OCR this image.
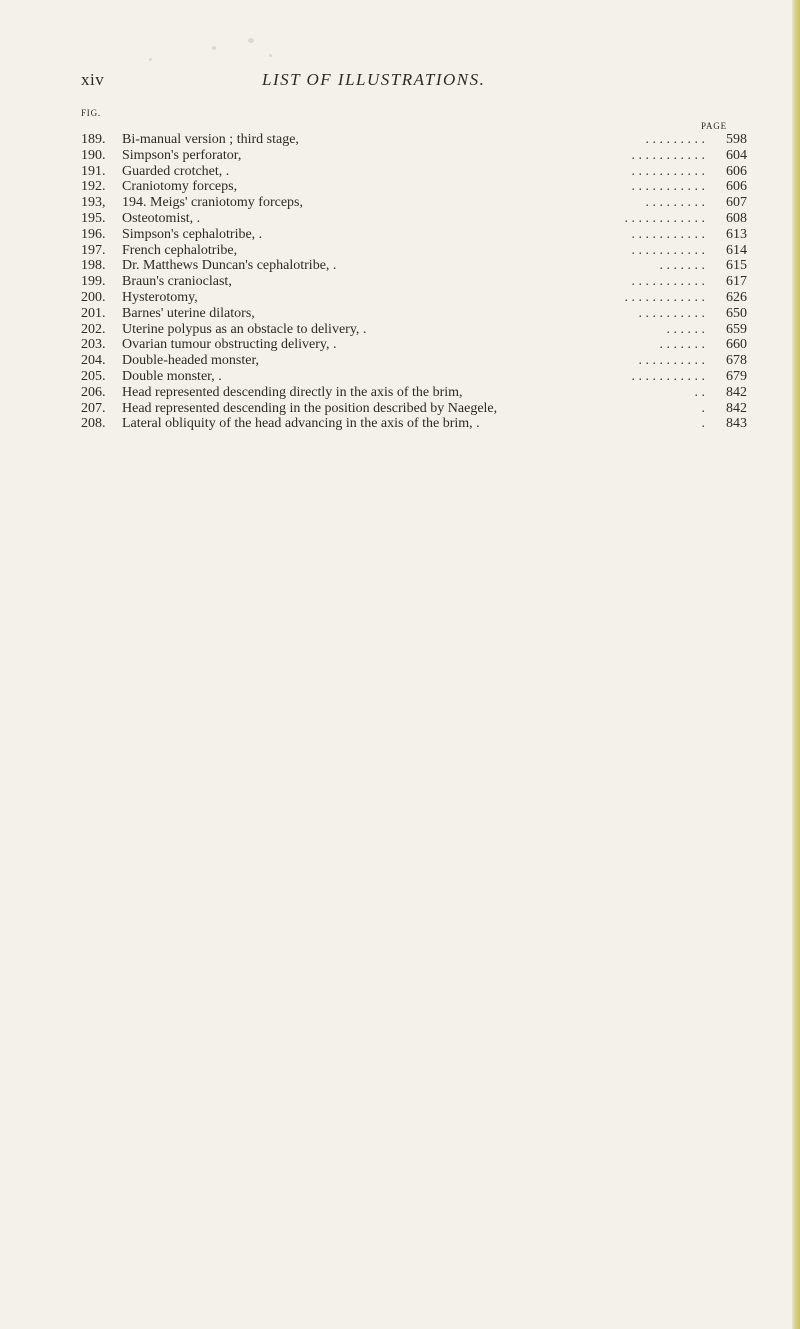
xiv	LIST OF ILLUSTRATIONS.
FIG.
PAGE
189.	Bi-manual version ; third stage,	. . . . . . . . . 598
190.	Simpson's perforator,	. . . . . . . . . . . 604
191.	Guarded crotchet, .	. . . . . . . . . . . 606
192.	Craniotomy forceps,	. . . . . . . . . . . 606
193,	194. Meigs' craniotomy forceps,	. . . . . . . . . 607
195.	Osteotomist, .	. . . . . . . . . . . . 608
196.	Simpson's cephalotribe, .	. . . . . . . . . . . 613
197.	French cephalotribe,	. . . . . . . . . . . 614
198.	Dr. Matthews Duncan's cephalotribe, .	. . . . . . . 615
199.	Braun's cranioclast,	. . . . . . . . . . . 617
200.	Hysterotomy,	. . . . . . . . . . . . 626
201.	Barnes' uterine dilators,	. . . . . . . . . . 650
202.	Uterine polypus as an obstacle to delivery, .	. . . . . . 659
203.	Ovarian tumour obstructing delivery, .	. . . . . . . 660
204.	Double-headed monster,	. . . . . . . . . . 678
205.	Double monster, .	. . . . . . . . . . . 679
206.	Head represented descending directly in the axis of the brim,	. . 842
207.	Head represented descending in the position described by Naegele,	. 842
208.	Lateral obliquity of the head advancing in the axis of the brim, .	. 843
